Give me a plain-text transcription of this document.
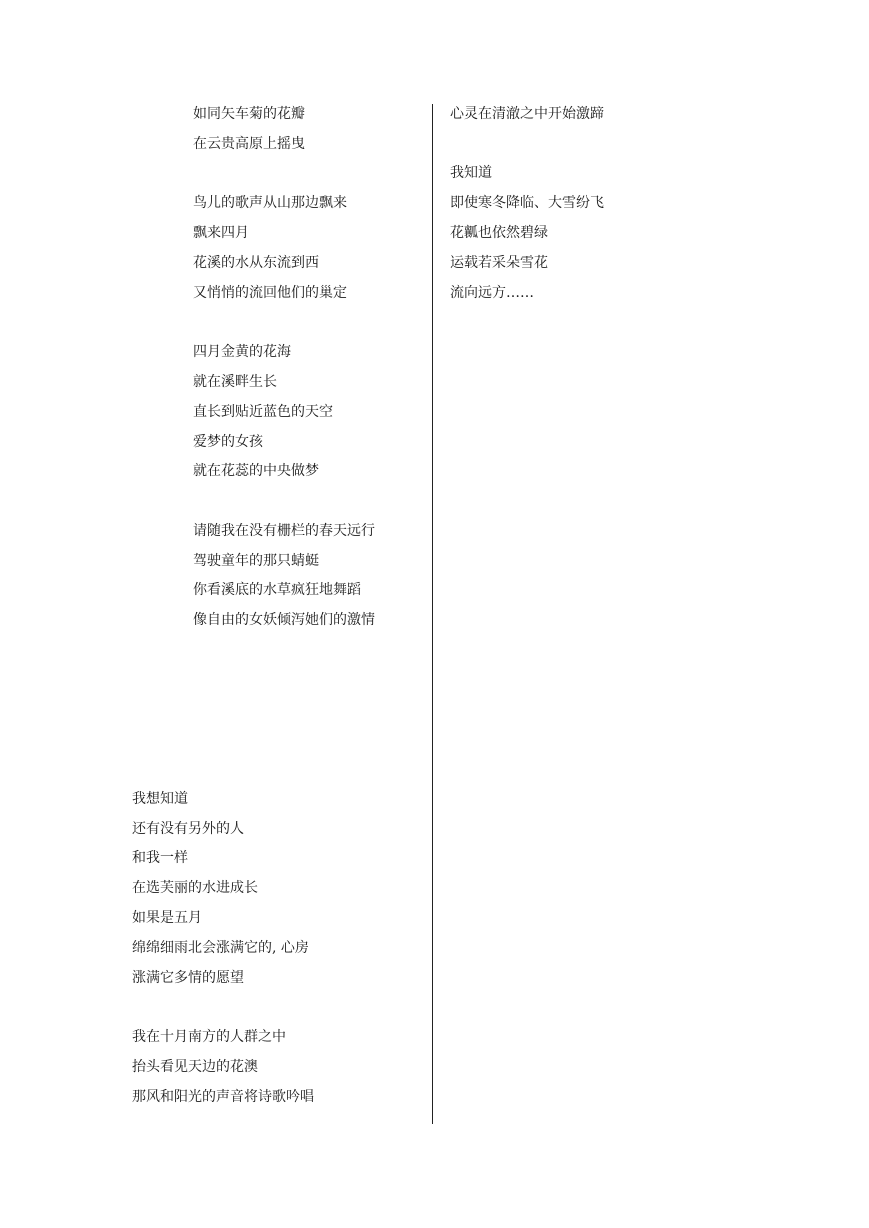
如同矢车菊的花瓣
在云贵高原上摇曳
鸟儿的歌声从山那边飘来
飘来四月
花溪的水从东流到西
又悄悄的流回他们的巢定
四月金黄的花海
就在溪畔生长
直长到贴近蓝色的天空
爱梦的女孩
就在花蕊的中央做梦
请随我在没有栅栏的春天远行
驾驶童年的那只蜻蜓
你看溪底的水草疯狂地舞蹈
像自由的女妖倾泻她们的激情
我想知道
还有没有另外的人
和我一样
在选芙丽的水进成长
如果是五月
绵绵细雨北会涨满它的, 心房
涨满它多情的愿望
我在十月南方的人群之中
抬头看见天边的花澳
那风和阳光的声音将诗歌吟唱
心灵在清澈之中开始激蹄
我知道
即使寒冬降临、大雪纷飞
花瓤也依然碧绿
运载若采朵雪花
流向远方……
